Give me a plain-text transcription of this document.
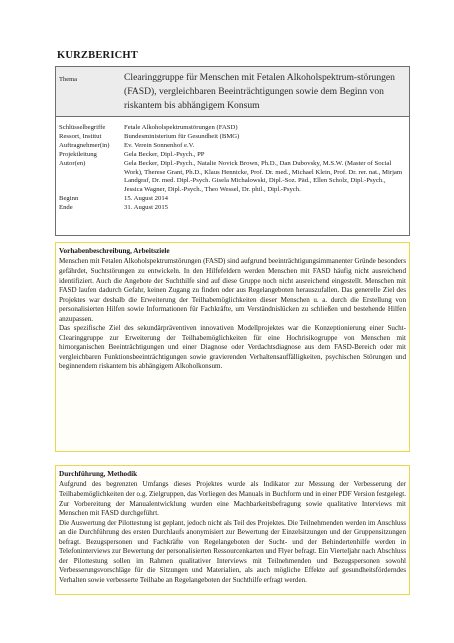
KURZBERICHT
Thema	Clearinggruppe für Menschen mit Fetalen Alkoholspektrum-störungen (FASD), vergleichbaren Beeinträchtigungen sowie dem Beginn von riskantem bis abhängigem Konsum
Schlüsselbegriffe	Fetale Alkoholspektrumstörungen (FASD)
Ressort, Institut	Bundesministerium für Gesundheit (BMG)
Auftragnehmer(in)	Ev. Verein Sonnenhof e.V.
Projektleitung	Gela Becker, Dipl.-Psych., PP
Autor(en)	Gela Becker, Dipl.-Psych., Natalie Novick Brown, Ph.D., Dan Dubovsky, M.S.W. (Master of Social Work), Therese Grant, Ph.D., Klaus Hennicke, Prof. Dr. med., Michael Klein, Prof. Dr. rer. nat., Mirjam Landgraf, Dr. med. Dipl.-Psych. Gisela Michalowski, Dipl.-Soz. Päd., Ellen Scholz, Dipl.-Psych., Jessica Wagner, Dipl.-Psych., Theo Wessel, Dr. phil., Dipl.-Psych.
Beginn	15. August 2014
Ende	31. August 2015
Vorhabenbeschreibung, Arbeitsziele

Menschen mit Fetalen Alkoholspektrumstörungen (FASD) sind aufgrund beeinträchtigungsimmanenter Gründe besonders gefährdet, Suchtstörungen zu entwickeln. In den Hilfefeldern werden Menschen mit FASD häufig nicht ausreichend identifiziert. Auch die Angebote der Suchthilfe sind auf diese Gruppe noch nicht ausreichend eingestellt. Menschen mit FASD laufen dadurch Gefahr, keinen Zugang zu finden oder aus Regelangeboten herauszufallen. Das generelle Ziel des Projektes war deshalb die Erweiterung der Teilhabemöglichkeiten dieser Menschen u. a. durch die Erstellung von personalisierten Hilfen sowie Informationen für Fachkräfte, um Verständnislücken zu schließen und bestehende Hilfen anzupassen.

Das spezifische Ziel des sekundärpräventiven innovativen Modellprojektes war die Konzeptionierung einer Sucht-Clearinggruppe zur Erweiterung der Teilhabemöglichkeiten für eine Hochrisikogruppe von Menschen mit hirnorganischen Beeinträchtigungen und einer Diagnose oder Verdachtsdiagnose aus dem FASD-Bereich oder mit vergleichbaren Funktionsbeeinträchtigungen sowie gravierenden Verhaltensauffälligkeiten, psychischen Störungen und beginnendem riskantem bis abhängigem Alkoholkonsum.

Durchführung, Methodik

Aufgrund des begrenzten Umfangs dieses Projektes wurde als Indikator zur Messung der Verbesserung der Teilhabemöglichkeiten der o.g. Zielgruppen, das Vorliegen des Manuals in Buchform und in einer PDF Version festgelegt. Zur Vorbereitung der Manualentwicklung wurden eine Machbarkeitsbefragung sowie qualitative Interviews mit Menschen mit FASD durchgeführt.

Die Auswertung der Pilottestung ist geplant, jedoch nicht als Teil des Projektes. Die Teilnehmenden werden im Anschluss an die Durchführung des ersten Durchlaufs anonymisiert zur Bewertung der Einzelsitzungen und der Gruppensitzungen befragt. Bezugspersonen und Fachkräfte von Regelangeboten der Sucht- und der Behindertenhilfe werden in Telefoninterviews zur Bewertung der personalisierten Ressourcenkarten und Flyer befragt. Ein Vierteljahr nach Abschluss der Pilottestung sollen im Rahmen qualitativer Interviews mit Teilnehmenden und Bezugspersonen sowohl Verbesserungsvorschläge für die Sitzungen und Materialien, als auch mögliche Effekte auf gesundheitsförderndes Verhalten sowie verbesserte Teilhabe an Regelangeboten der Suchthilfe erfragt werden.
